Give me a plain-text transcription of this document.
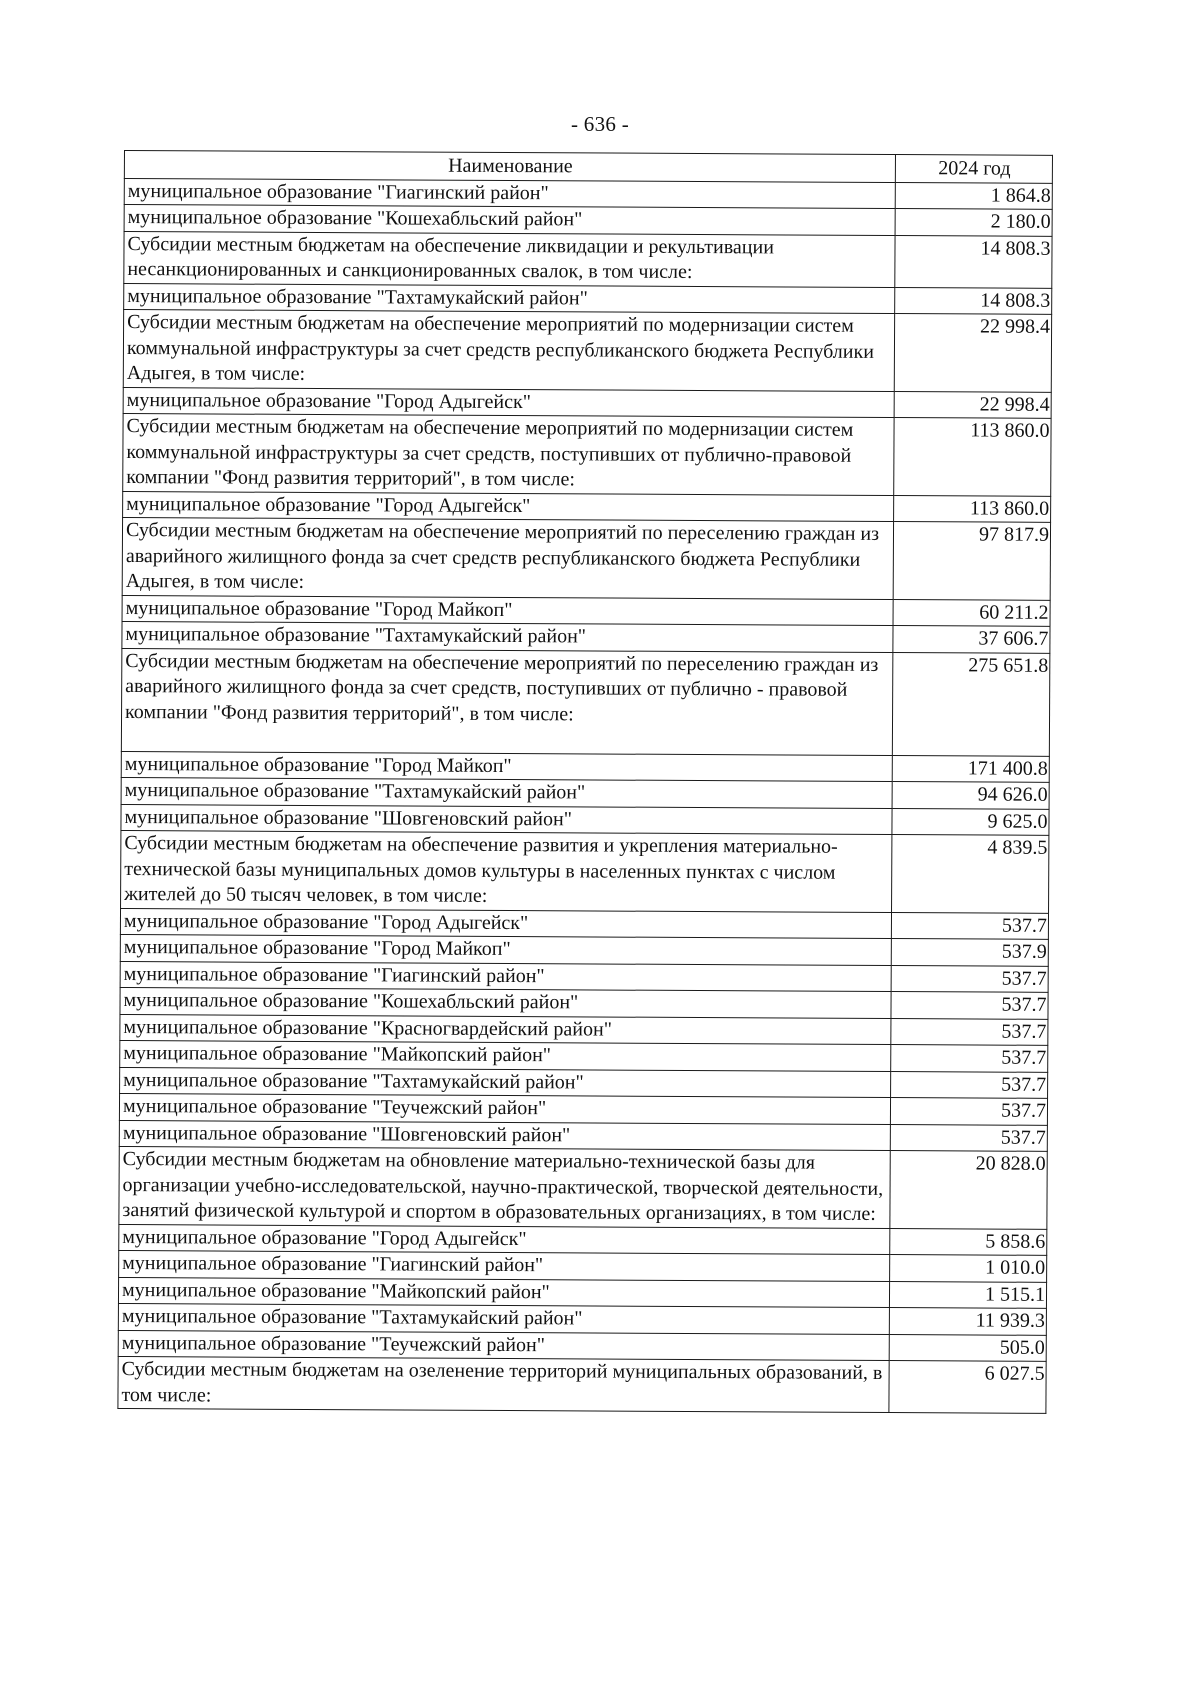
- 636 -
Наименование	2024 год
муниципальное образование "Гиагинский район"	1 864.8
муниципальное образование "Кошехабльский район"	2 180.0
Субсидии местным бюджетам на обеспечение ликвидации и рекультивации несанкционированных и санкционированных свалок, в том числе:	14 808.3
муниципальное образование "Тахтамукайский район"	14 808.3
Субсидии местным бюджетам на обеспечение мероприятий по модернизации систем коммунальной инфраструктуры за счет средств республиканского бюджета Республики Адыгея, в том числе:	22 998.4
муниципальное образование "Город Адыгейск"	22 998.4
Субсидии местным бюджетам на обеспечение мероприятий по модернизации систем коммунальной инфраструктуры за счет средств, поступивших от публично-правовой компании "Фонд развития территорий", в том числе:	113 860.0
муниципальное образование "Город Адыгейск"	113 860.0
Субсидии местным бюджетам на обеспечение мероприятий по переселению граждан из аварийного жилищного фонда за счет средств республиканского бюджета Республики Адыгея, в том числе:	97 817.9
муниципальное образование "Город Майкоп"	60 211.2
муниципальное образование "Тахтамукайский район"	37 606.7
Субсидии местным бюджетам на обеспечение мероприятий по переселению граждан из аварийного жилищного фонда за счет средств, поступивших от публично - правовой компании "Фонд развития территорий", в том числе:	275 651.8
муниципальное образование "Город Майкоп"	171 400.8
муниципальное образование "Тахтамукайский район"	94 626.0
муниципальное образование "Шовгеновский район"	9 625.0
Субсидии местным бюджетам на обеспечение развития и укрепления материально-технической базы муниципальных домов культуры в населенных пунктах с числом жителей до 50 тысяч человек, в том числе:	4 839.5
муниципальное образование "Город Адыгейск"	537.7
муниципальное образование "Город Майкоп"	537.9
муниципальное образование "Гиагинский район"	537.7
муниципальное образование "Кошехабльский район"	537.7
муниципальное образование "Красногвардейский район"	537.7
муниципальное образование "Майкопский район"	537.7
муниципальное образование "Тахтамукайский район"	537.7
муниципальное образование "Теучежский район"	537.7
муниципальное образование "Шовгеновский район"	537.7
Субсидии местным бюджетам на обновление материально-технической базы для организации учебно-исследовательской, научно-практической, творческой деятельности, занятий физической культурой и спортом в образовательных организациях, в том числе:	20 828.0
муниципальное образование "Город Адыгейск"	5 858.6
муниципальное образование "Гиагинский район"	1 010.0
муниципальное образование "Майкопский район"	1 515.1
муниципальное образование "Тахтамукайский район"	11 939.3
муниципальное образование "Теучежский район"	505.0
Субсидии местным бюджетам на озеленение территорий муниципальных образований, в том числе:	6 027.5
